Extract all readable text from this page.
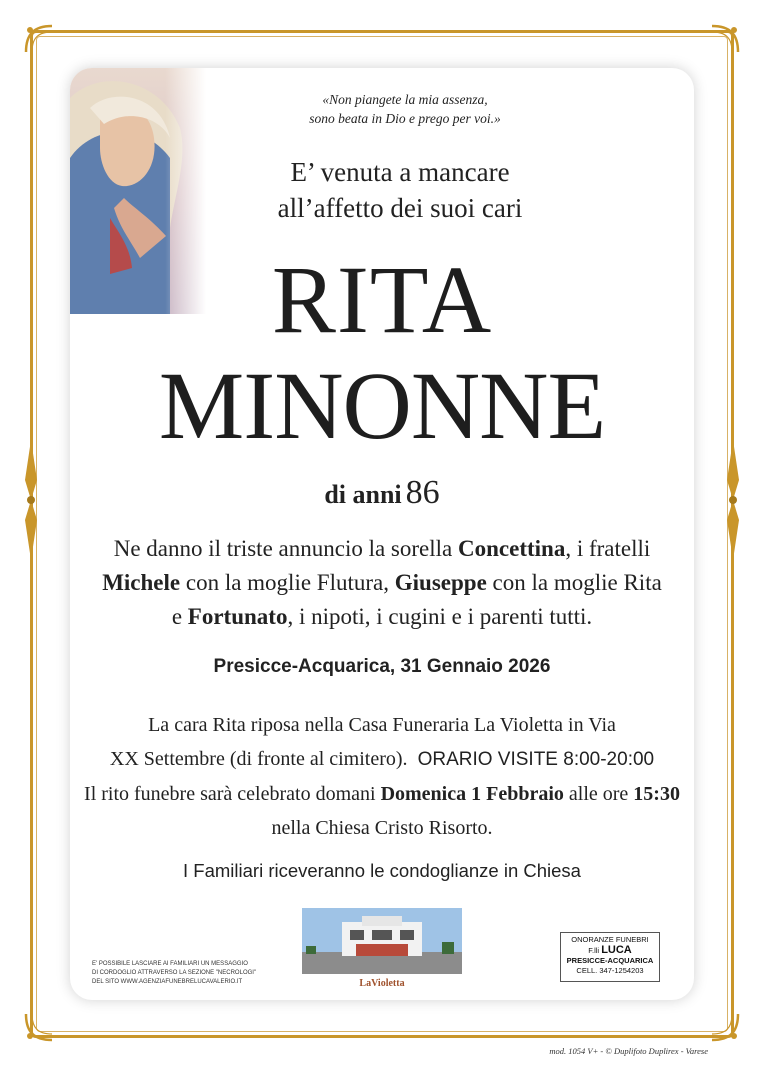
«Non piangete la mia assenza,
sono beata in Dio e prego per voi.»
E’ venuta a mancare
all’affetto dei suoi cari
RITA
MINONNE
di anni 86
Ne danno il triste annuncio la sorella Concettina, i fratelli
Michele con la moglie Flutura, Giuseppe con la moglie Rita
e Fortunato, i nipoti, i cugini e i parenti tutti.
Presicce-Acquarica, 31 Gennaio 2026
La cara Rita riposa nella Casa Funeraria La Violetta in Via
XX Settembre (di fronte al cimitero). ORARIO VISITE 8:00-20:00
Il rito funebre sarà celebrato domani Domenica 1 Febbraio alle ore 15:30
nella Chiesa Cristo Risorto.
I Familiari riceveranno le condoglianze in Chiesa
E' POSSIBILE LASCIARE AI FAMILIARI UN MESSAGGIO
DI CORDOGLIO ATTRAVERSO LA SEZIONE "NECROLOGI"
DEL SITO WWW.AGENZIAFUNEBRELUCAVALERIO.IT	LaVioletta
ONORANZE FUNEBRI
F.lli LUCA
PRESICCE-ACQUARICA
CELL. 347-1254203
mod. 1054 V+ - © Duplifoto Duplirex - Varese
